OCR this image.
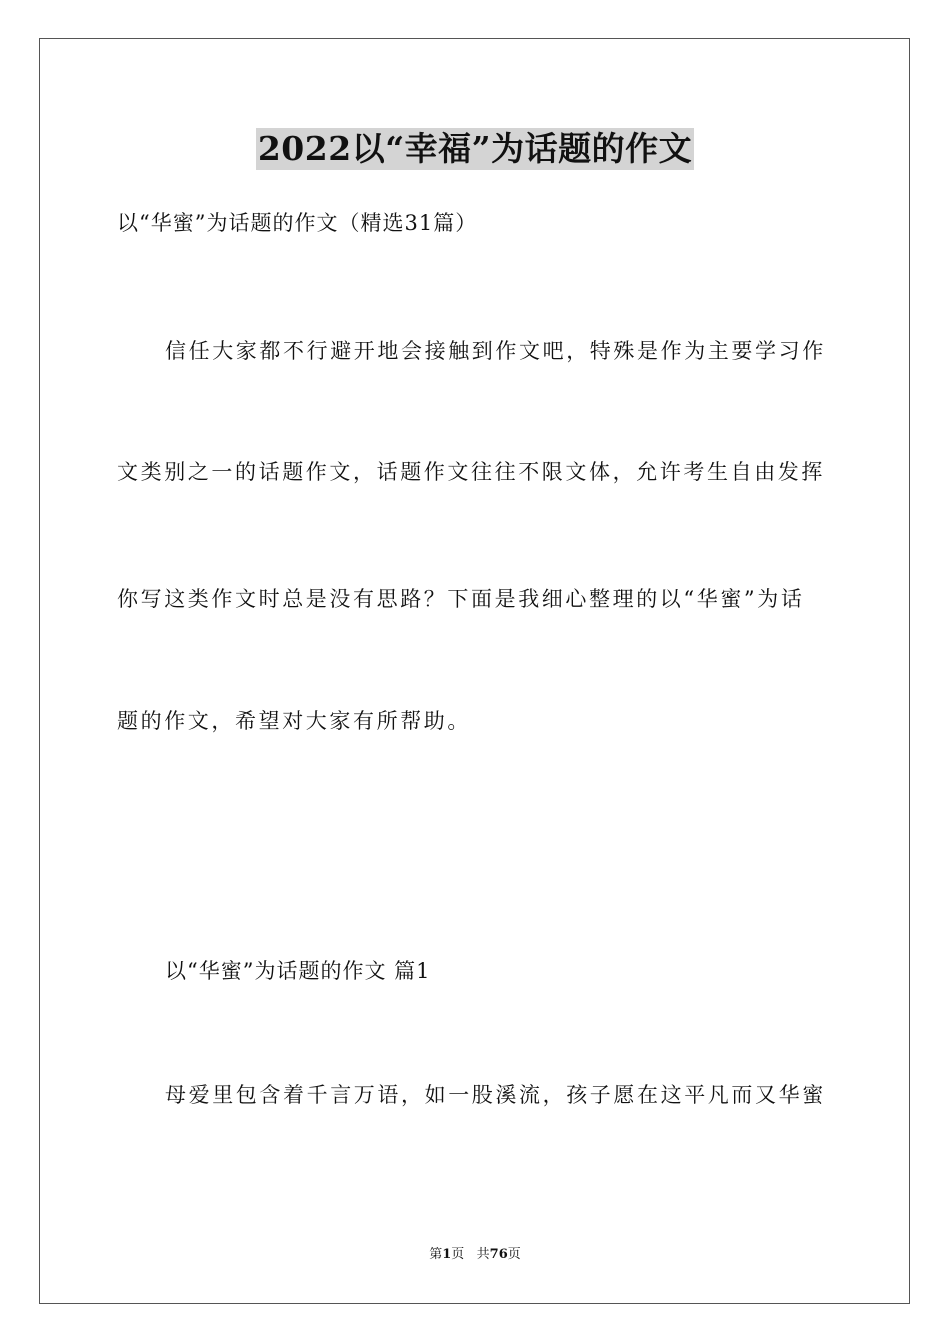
2022以“幸福”为话题的作文
以“华蜜”为话题的作文（精选31篇）

信任大家都不行避开地会接触到作文吧，特殊是作为主要学习作

文类别之一的话题作文，话题作文往往不限文体，允许考生自由发挥

你写这类作文时总是没有思路？下面是我细心整理的以“华蜜”为话

题的作文，希望对大家有所帮助。

以“华蜜”为话题的作文 篇1

母爱里包含着千言万语，如一股溪流，孩子愿在这平凡而又华蜜

第1页   共76页
